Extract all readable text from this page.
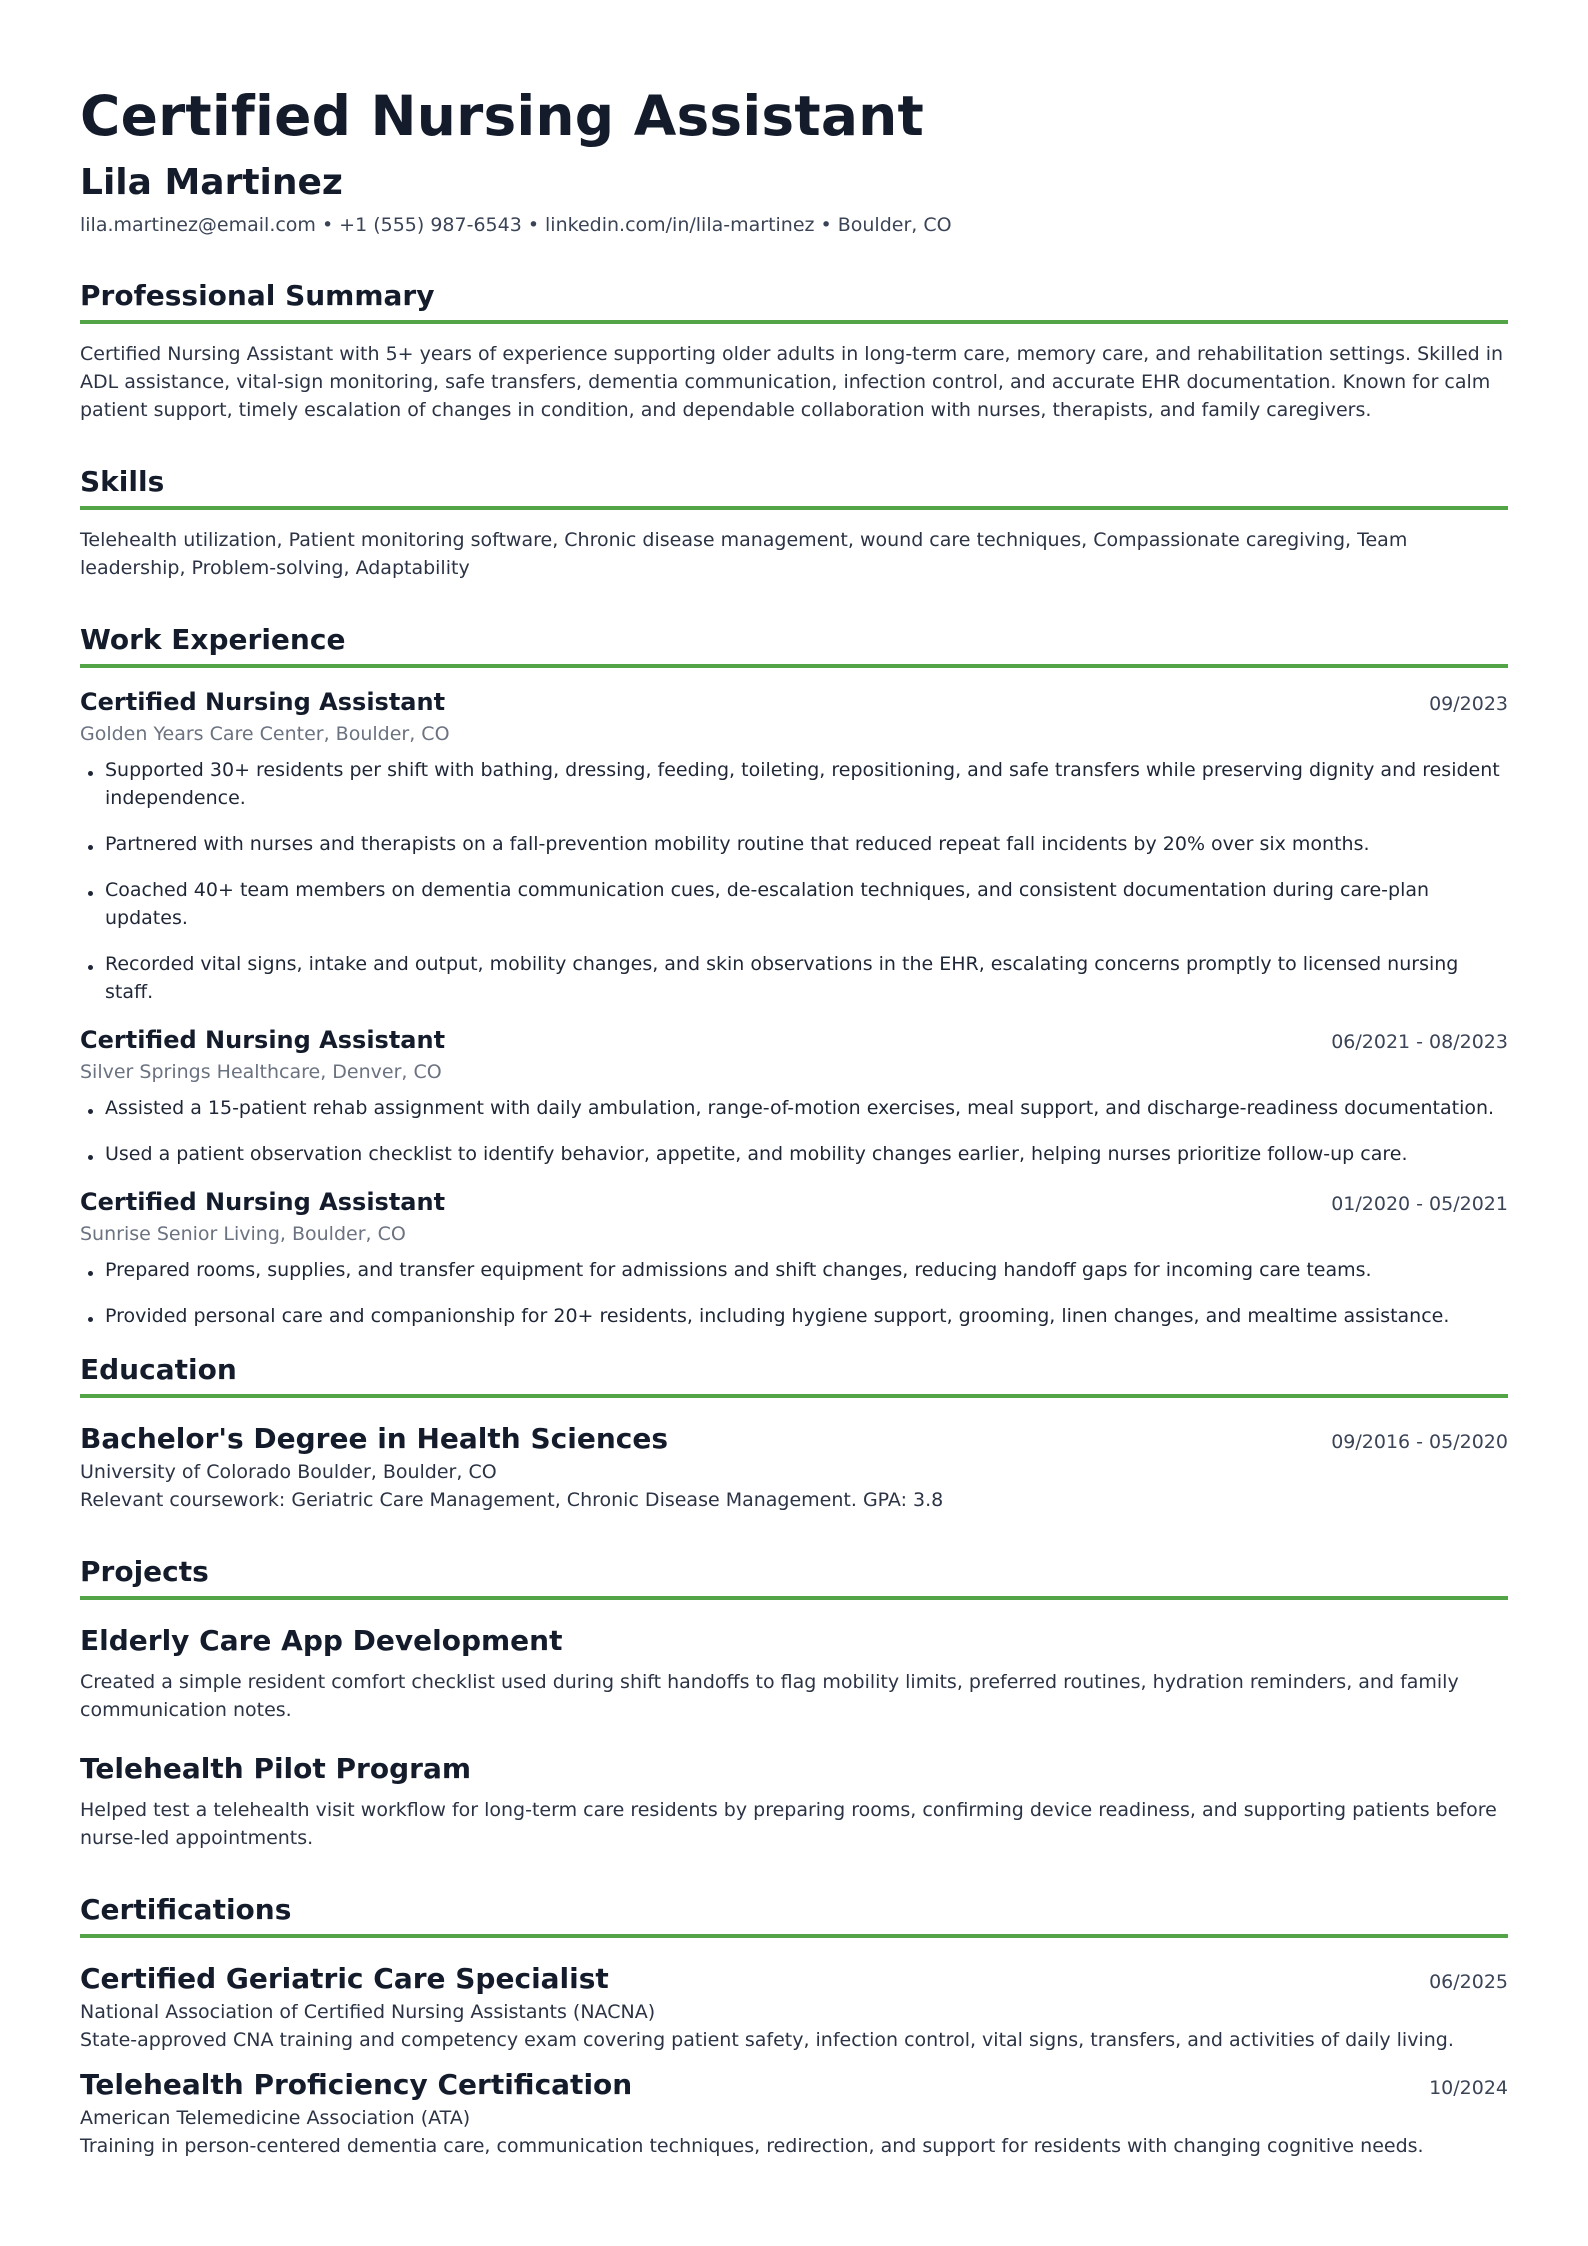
Certified Nursing Assistant
Lila Martinez
lila.martinez@email.com • +1 (555) 987-6543 • linkedin.com/in/lila-martinez • Boulder, CO
Professional Summary
Certified Nursing Assistant with 5+ years of experience supporting older adults in long-term care, memory care, and rehabilitation settings. Skilled in ADL assistance, vital-sign monitoring, safe transfers, dementia communication, infection control, and accurate EHR documentation. Known for calm patient support, timely escalation of changes in condition, and dependable collaboration with nurses, therapists, and family caregivers.
Skills
Telehealth utilization, Patient monitoring software, Chronic disease management, wound care techniques, Compassionate caregiving, Team leadership, Problem-solving, Adaptability
Work Experience
Certified Nursing Assistant	09/2023
Golden Years Care Center, Boulder, CO
Supported 30+ residents per shift with bathing, dressing, feeding, toileting, repositioning, and safe transfers while preserving dignity and resident independence.
Partnered with nurses and therapists on a fall-prevention mobility routine that reduced repeat fall incidents by 20% over six months.
Coached 40+ team members on dementia communication cues, de-escalation techniques, and consistent documentation during care-plan updates.
Recorded vital signs, intake and output, mobility changes, and skin observations in the EHR, escalating concerns promptly to licensed nursing staff.
Certified Nursing Assistant	06/2021 - 08/2023
Silver Springs Healthcare, Denver, CO
Assisted a 15-patient rehab assignment with daily ambulation, range-of-motion exercises, meal support, and discharge-readiness documentation.
Used a patient observation checklist to identify behavior, appetite, and mobility changes earlier, helping nurses prioritize follow-up care.
Certified Nursing Assistant	01/2020 - 05/2021
Sunrise Senior Living, Boulder, CO
Prepared rooms, supplies, and transfer equipment for admissions and shift changes, reducing handoff gaps for incoming care teams.
Provided personal care and companionship for 20+ residents, including hygiene support, grooming, linen changes, and mealtime assistance.
Education
Bachelor's Degree in Health Sciences	09/2016 - 05/2020
University of Colorado Boulder, Boulder, CO
Relevant coursework: Geriatric Care Management, Chronic Disease Management. GPA: 3.8
Projects
Elderly Care App Development
Created a simple resident comfort checklist used during shift handoffs to flag mobility limits, preferred routines, hydration reminders, and family communication notes.
Telehealth Pilot Program
Helped test a telehealth visit workflow for long-term care residents by preparing rooms, confirming device readiness, and supporting patients before nurse-led appointments.
Certifications
Certified Geriatric Care Specialist	06/2025
National Association of Certified Nursing Assistants (NACNA)
State-approved CNA training and competency exam covering patient safety, infection control, vital signs, transfers, and activities of daily living.
Telehealth Proficiency Certification	10/2024
American Telemedicine Association (ATA)
Training in person-centered dementia care, communication techniques, redirection, and support for residents with changing cognitive needs.
